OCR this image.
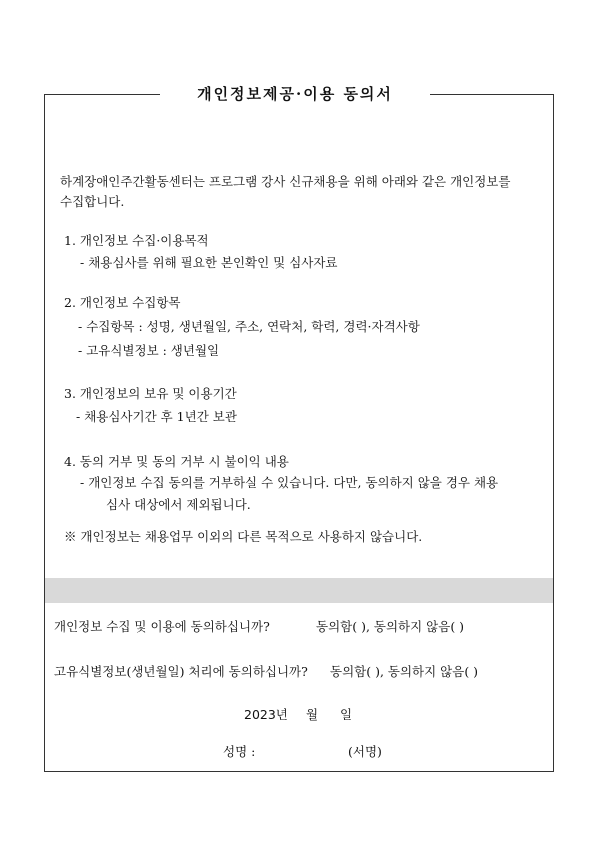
개인정보제공·이용 동의서
하계장애인주간활동센터는 프로그램 강사 신규채용을 위해 아래와 같은 개인정보를
수집합니다.
1. 개인정보 수집·이용목적
- 채용심사를 위해 필요한 본인확인 및 심사자료
2. 개인정보 수집항목
- 수집항목 : 성명, 생년월일, 주소, 연락처, 학력, 경력·자격사항
- 고유식별정보 : 생년월일
3. 개인정보의 보유 및 이용기간
- 채용심사기간 후 1년간 보관
4. 동의 거부 및 동의 거부 시 불이익 내용
- 개인정보 수집 동의를 거부하실 수 있습니다. 다만, 동의하지 않을 경우 채용
심사 대상에서 제외됩니다.
※ 개인정보는 채용업무 이외의 다른 목적으로 사용하지 않습니다.
개인정보 수집 및 이용에 동의하십니까?	동의함( ), 동의하지 않음( )
고유식별정보(생년월일) 처리에 동의하십니까? 동의함( ), 동의하지 않음( )
2023년 월 일
성명 :	(서명)
